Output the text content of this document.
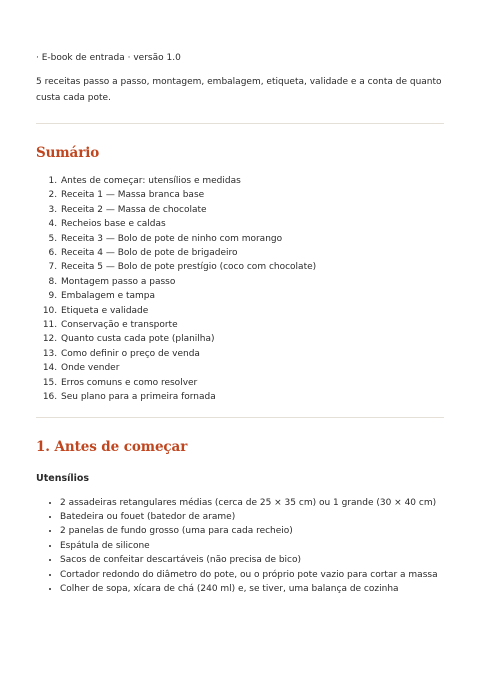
· E-book de entrada · versão 1.0

5 receitas passo a passo, montagem, embalagem, etiqueta, validade e a conta de quanto custa cada pote.

Sumário
1. Antes de começar: utensílios e medidas
2. Receita 1 — Massa branca base
3. Receita 2 — Massa de chocolate
4. Recheios base e caldas
5. Receita 3 — Bolo de pote de ninho com morango
6. Receita 4 — Bolo de pote de brigadeiro
7. Receita 5 — Bolo de pote prestígio (coco com chocolate)
8. Montagem passo a passo
9. Embalagem e tampa
10. Etiqueta e validade
11. Conservação e transporte
12. Quanto custa cada pote (planilha)
13. Como definir o preço de venda
14. Onde vender
15. Erros comuns e como resolver
16. Seu plano para a primeira fornada
1. Antes de começar
Utensílios
• 2 assadeiras retangulares médias (cerca de 25 × 35 cm) ou 1 grande (30 × 40 cm)
• Batedeira ou fouet (batedor de arame)
• 2 panelas de fundo grosso (uma para cada recheio)
• Espátula de silicone
• Sacos de confeitar descartáveis (não precisa de bico)
• Cortador redondo do diâmetro do pote, ou o próprio pote vazio para cortar a massa
• Colher de sopa, xícara de chá (240 ml) e, se tiver, uma balança de cozinha
